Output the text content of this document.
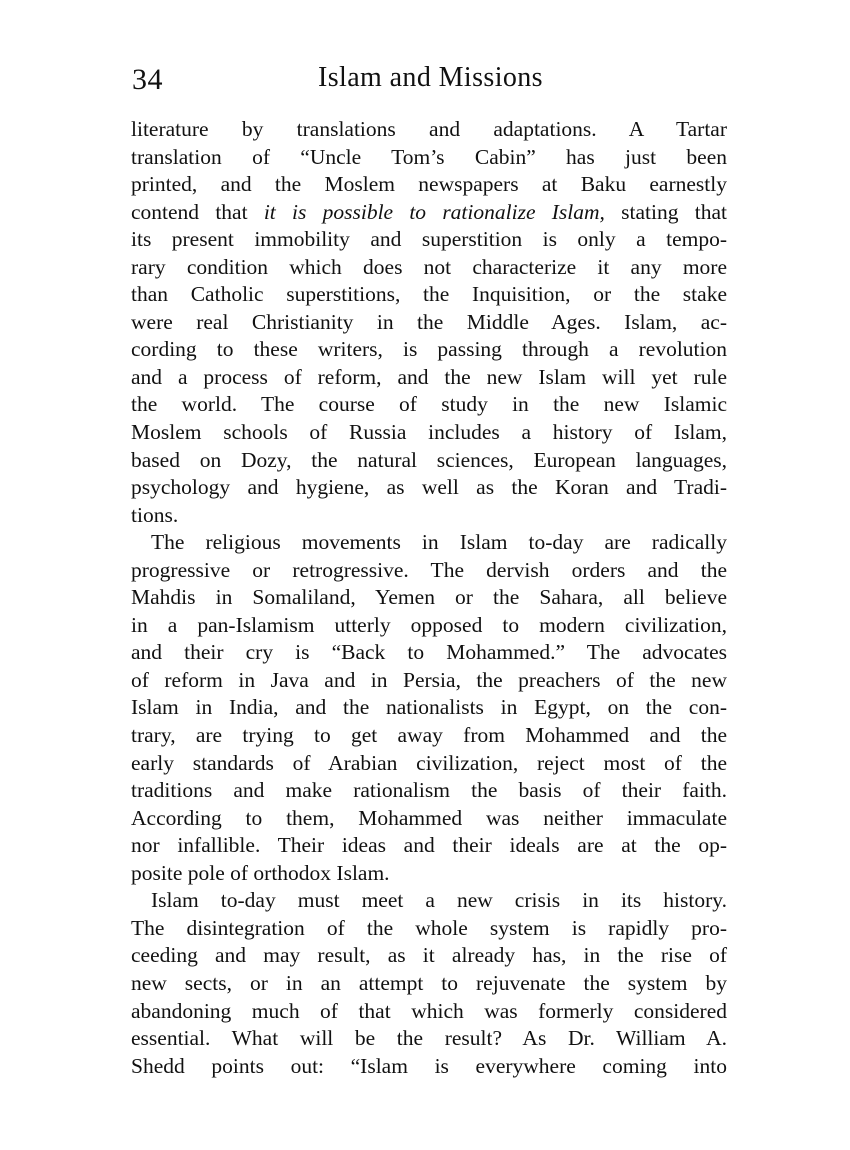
34	Islam and Missions
literature by translations and adaptations. A Tartar
translation of “Uncle Tom’s Cabin” has just been
printed, and the Moslem newspapers at Baku earnestly
contend that it is possible to rationalize Islam, stating that
its present immobility and superstition is only a tempo-
rary condition which does not characterize it any more
than Catholic superstitions, the Inquisition, or the stake
were real Christianity in the Middle Ages. Islam, ac-
cording to these writers, is passing through a revolution
and a process of reform, and the new Islam will yet rule
the world. The course of study in the new Islamic
Moslem schools of Russia includes a history of Islam,
based on Dozy, the natural sciences, European languages,
psychology and hygiene, as well as the Koran and Tradi-
tions.
The religious movements in Islam to-day are radically
progressive or retrogressive. The dervish orders and the
Mahdis in Somaliland, Yemen or the Sahara, all believe
in a pan-Islamism utterly opposed to modern civilization,
and their cry is “Back to Mohammed.” The advocates
of reform in Java and in Persia, the preachers of the new
Islam in India, and the nationalists in Egypt, on the con-
trary, are trying to get away from Mohammed and the
early standards of Arabian civilization, reject most of the
traditions and make rationalism the basis of their faith.
According to them, Mohammed was neither immaculate
nor infallible. Their ideas and their ideals are at the op-
posite pole of orthodox Islam.
Islam to-day must meet a new crisis in its history.
The disintegration of the whole system is rapidly pro-
ceeding and may result, as it already has, in the rise of
new sects, or in an attempt to rejuvenate the system by
abandoning much of that which was formerly considered
essential. What will be the result? As Dr. William A.
Shedd points out: “Islam is everywhere coming into
